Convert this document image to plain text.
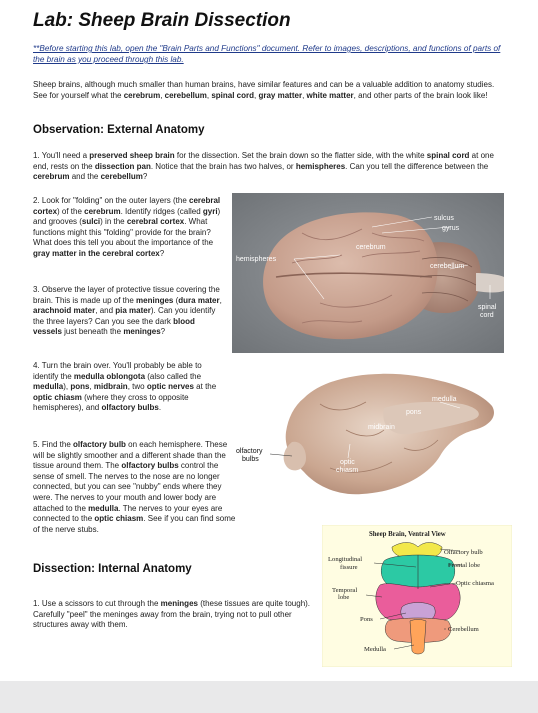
Lab: Sheep Brain Dissection
**Before starting this lab, open the "Brain Parts and Functions" document. Refer to images, descriptions, and functions of parts of the brain as you proceed through this lab.
Sheep brains, although much smaller than human brains, have similar features and can be a valuable addition to anatomy studies. See for yourself what the cerebrum, cerebellum, spinal cord, gray matter, white matter, and other parts of the brain look like!
Observation: External Anatomy
1. You'll need a preserved sheep brain for the dissection. Set the brain down so the flatter side, with the white spinal cord at one end, rests on the dissection pan. Notice that the brain has two halves, or hemispheres. Can you tell the difference between the cerebrum and the cerebellum?
2. Look for "folding" on the outer layers (the cerebral cortex) of the cerebrum. Identify ridges (called gyri) and grooves (sulci) in the cerebral cortex. What functions might this "folding" provide for the brain? What does this tell you about the importance of the gray matter in the cerebral cortex?
3. Observe the layer of protective tissue covering the brain. This is made up of the meninges (dura mater, arachnoid mater, and pia mater). Can you identify the three layers? Can you see the dark blood vessels just beneath the meninges?
4. Turn the brain over. You'll probably be able to identify the medulla oblongota (also called the medulla), pons, midbrain, two optic nerves at the optic chiasm (where they cross to opposite hemispheres), and olfactory bulbs.
5. Find the olfactory bulb on each hemisphere. These will be slightly smoother and a different shade than the tissue around them. The olfactory bulbs control the sense of smell. The nerves to the nose are no longer connected, but you can see "nubby" ends where they were. The nerves to your mouth and lower body are attached to the medulla. The nerves to your eyes are connected to the optic chiasm. See if you can find some of the nerve stubs.
Dissection: Internal Anatomy
1. Use a scissors to cut through the meninges (these tissues are quite tough). Carefully "peel" the meninges away from the brain, trying not to pull other structures away with them.
sulcus
gyrus
cerebrum
hemispheres
cerebellum
spinal
cord
medulla
pons
midbrain
olfactory
bulbs	optic
chiasm
Sheep Brain, Ventral View
Longitudinal
fissure
Olfactory bulb
Frontal lobe
Optic chiasma
Temporal
lobe
Pons
Cerebellum
Medulla
